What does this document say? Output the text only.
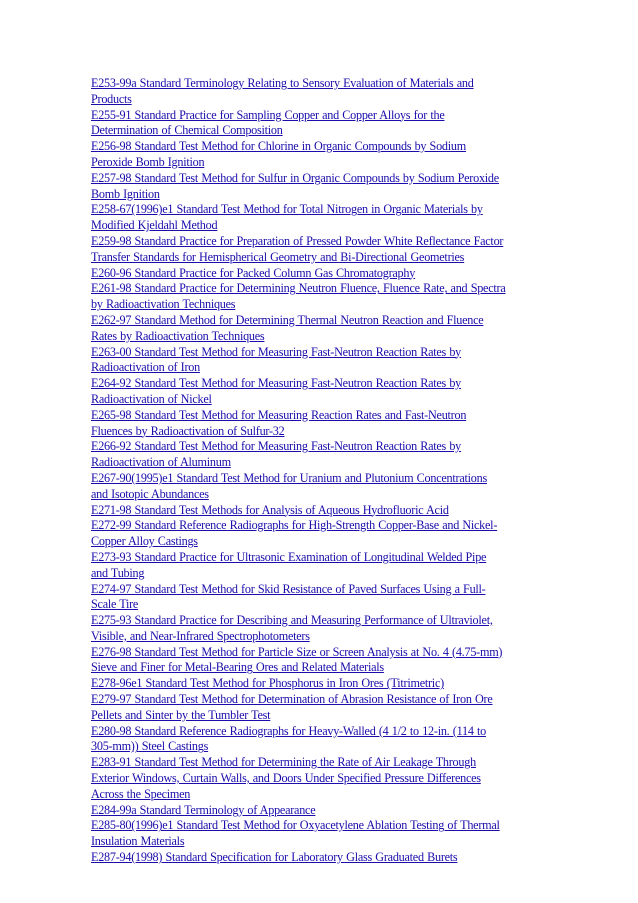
E253-99a Standard Terminology Relating to Sensory Evaluation of Materials and
Products
E255-91 Standard Practice for Sampling Copper and Copper Alloys for the
Determination of Chemical Composition
E256-98 Standard Test Method for Chlorine in Organic Compounds by Sodium
Peroxide Bomb Ignition
E257-98 Standard Test Method for Sulfur in Organic Compounds by Sodium Peroxide
Bomb Ignition
E258-67(1996)e1 Standard Test Method for Total Nitrogen in Organic Materials by
Modified Kjeldahl Method
E259-98 Standard Practice for Preparation of Pressed Powder White Reflectance Factor
Transfer Standards for Hemispherical Geometry and Bi-Directional Geometries
E260-96 Standard Practice for Packed Column Gas Chromatography
E261-98 Standard Practice for Determining Neutron Fluence, Fluence Rate, and Spectra
by Radioactivation Techniques
E262-97 Standard Method for Determining Thermal Neutron Reaction and Fluence
Rates by Radioactivation Techniques
E263-00 Standard Test Method for Measuring Fast-Neutron Reaction Rates by
Radioactivation of Iron
E264-92 Standard Test Method for Measuring Fast-Neutron Reaction Rates by
Radioactivation of Nickel
E265-98 Standard Test Method for Measuring Reaction Rates and Fast-Neutron
Fluences by Radioactivation of Sulfur-32
E266-92 Standard Test Method for Measuring Fast-Neutron Reaction Rates by
Radioactivation of Aluminum
E267-90(1995)e1 Standard Test Method for Uranium and Plutonium Concentrations
and Isotopic Abundances
E271-98 Standard Test Methods for Analysis of Aqueous Hydrofluoric Acid
E272-99 Standard Reference Radiographs for High-Strength Copper-Base and Nickel-
Copper Alloy Castings
E273-93 Standard Practice for Ultrasonic Examination of Longitudinal Welded Pipe
and Tubing
E274-97 Standard Test Method for Skid Resistance of Paved Surfaces Using a Full-
Scale Tire
E275-93 Standard Practice for Describing and Measuring Performance of Ultraviolet,
Visible, and Near-Infrared Spectrophotometers
E276-98 Standard Test Method for Particle Size or Screen Analysis at No. 4 (4.75-mm)
Sieve and Finer for Metal-Bearing Ores and Related Materials
E278-96e1 Standard Test Method for Phosphorus in Iron Ores (Titrimetric)
E279-97 Standard Test Method for Determination of Abrasion Resistance of Iron Ore
Pellets and Sinter by the Tumbler Test
E280-98 Standard Reference Radiographs for Heavy-Walled (4 1/2 to 12-in. (114 to
305-mm)) Steel Castings
E283-91 Standard Test Method for Determining the Rate of Air Leakage Through
Exterior Windows, Curtain Walls, and Doors Under Specified Pressure Differences
Across the Specimen
E284-99a Standard Terminology of Appearance
E285-80(1996)e1 Standard Test Method for Oxyacetylene Ablation Testing of Thermal
Insulation Materials
E287-94(1998) Standard Specification for Laboratory Glass Graduated Burets
